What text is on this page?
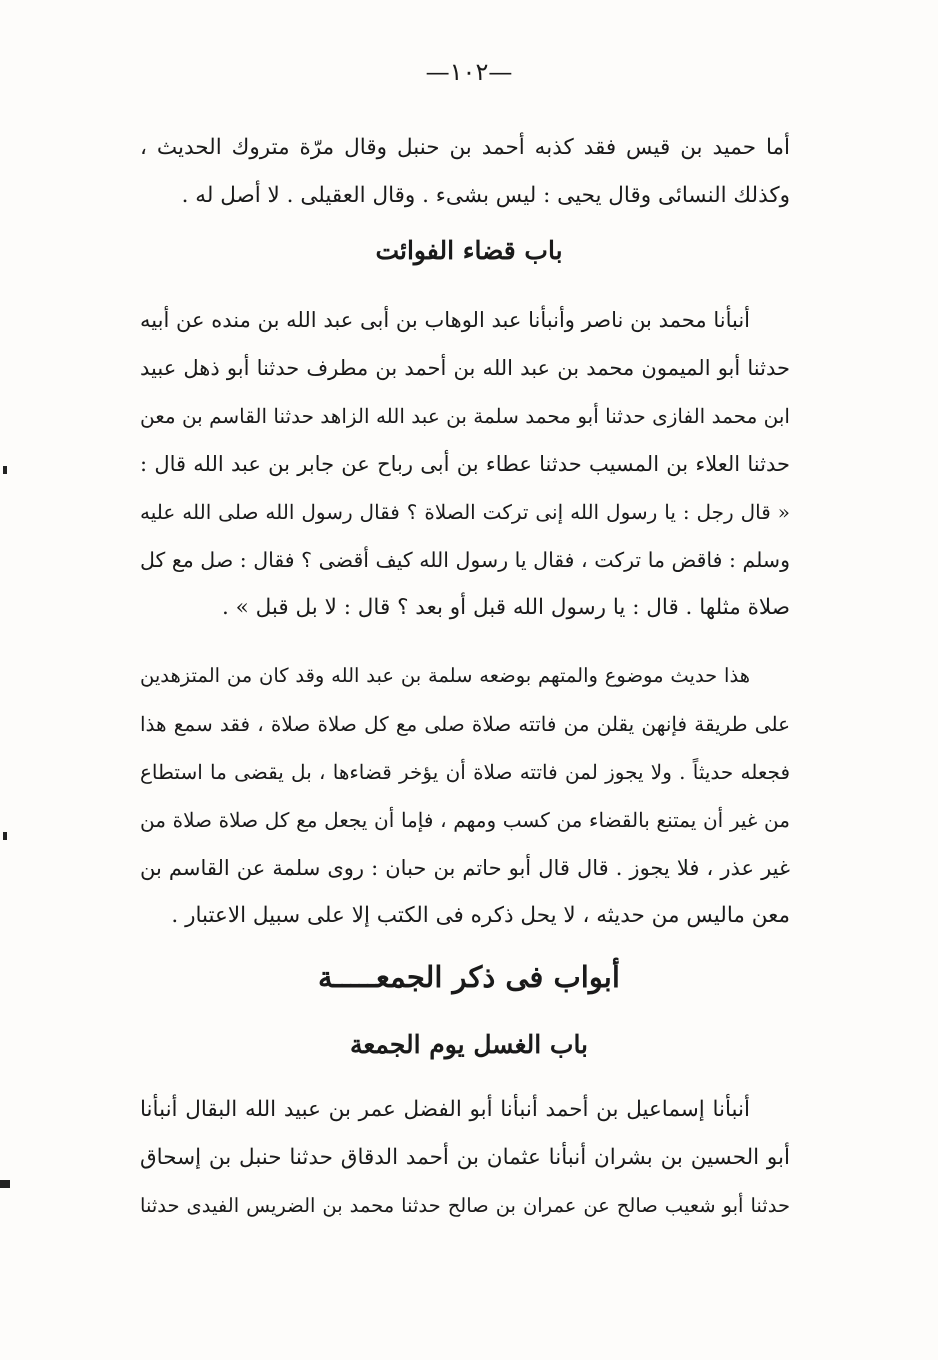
—١٠٢—
أما حميد بن قيس فقد كذبه أحمد بن حنبل وقال مرّة متروك الحديث ،
وكذلك النسائى وقال يحيى : ليس بشىء . وقال العقيلى . لا أصل له .
باب قضاء الفوائت
أنبأنا محمد بن ناصر وأنبأنا عبد الوهاب بن أبى عبد الله بن منده عن أبيه
حدثنا أبو الميمون محمد بن عبد الله بن أحمد بن مطرف حدثنا أبو ذهل عبيد
ابن محمد الفازى حدثنا أبو محمد سلمة بن عبد الله الزاهد حدثنا القاسم بن معن
حدثنا العلاء بن المسيب حدثنا عطاء بن أبى رباح عن جابر بن عبد الله قال :
« قال رجل : يا رسول الله إنى تركت الصلاة ؟ فقال رسول الله صلى الله عليه
وسلم : فاقض ما تركت ، فقال يا رسول الله كيف أقضى ؟ فقال : صل مع كل
صلاة مثلها . قال : يا رسول الله قبل أو بعد ؟ قال : لا بل قبل » .
هذا حديث موضوع والمتهم بوضعه سلمة بن عبد الله وقد كان من المتزهدين
على طريقة فإنهن يقلن من فاتته صلاة صلى مع كل صلاة صلاة ، فقد سمع هذا
فجعله حديثاً . ولا يجوز لمن فاتته صلاة أن يؤخر قضاءها ، بل يقضى ما استطاع
من غير أن يمتنع بالقضاء من كسب ومهم ، فإما أن يجعل مع كل صلاة صلاة من
غير عذر ، فلا يجوز . قال قال أبو حاتم بن حبان : روى سلمة عن القاسم بن
معن ماليس من حديثه ، لا يحل ذكره فى الكتب إلا على سبيل الاعتبار .
أبواب فى ذكر الجمعـــــة
باب الغسل يوم الجمعة
أنبأنا إسماعيل بن أحمد أنبأنا أبو الفضل عمر بن عبيد الله البقال أنبأنا
أبو الحسين بن بشران أنبأنا عثمان بن أحمد الدقاق حدثنا حنبل بن إسحاق
حدثنا أبو شعيب صالح عن عمران بن صالح حدثنا محمد بن الضريس الفيدى حدثنا
